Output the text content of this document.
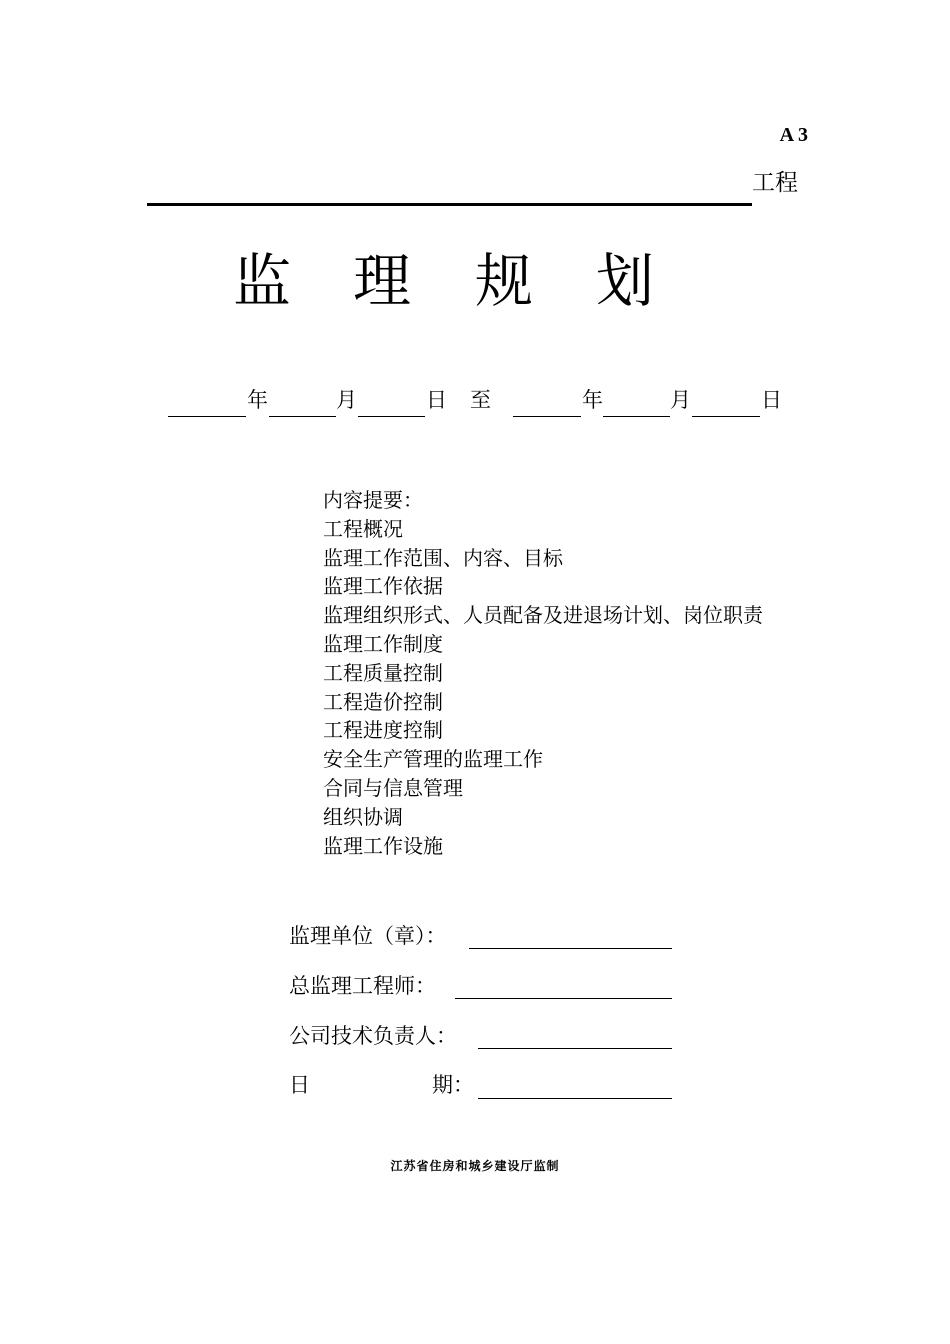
A 3
工程
监 理 规 划
年	月	日 至	年	月	日
内容提要：
工程概况
监理工作范围、内容、目标
监理工作依据
监理组织形式、人员配备及进退场计划、岗位职责
监理工作制度
工程质量控制
工程造价控制
工程进度控制
安全生产管理的监理工作
合同与信息管理
组织协调
监理工作设施
监理单位（章）：
总监理工程师：
公司技术负责人：
日	期：
江苏省住房和城乡建设厅监制
